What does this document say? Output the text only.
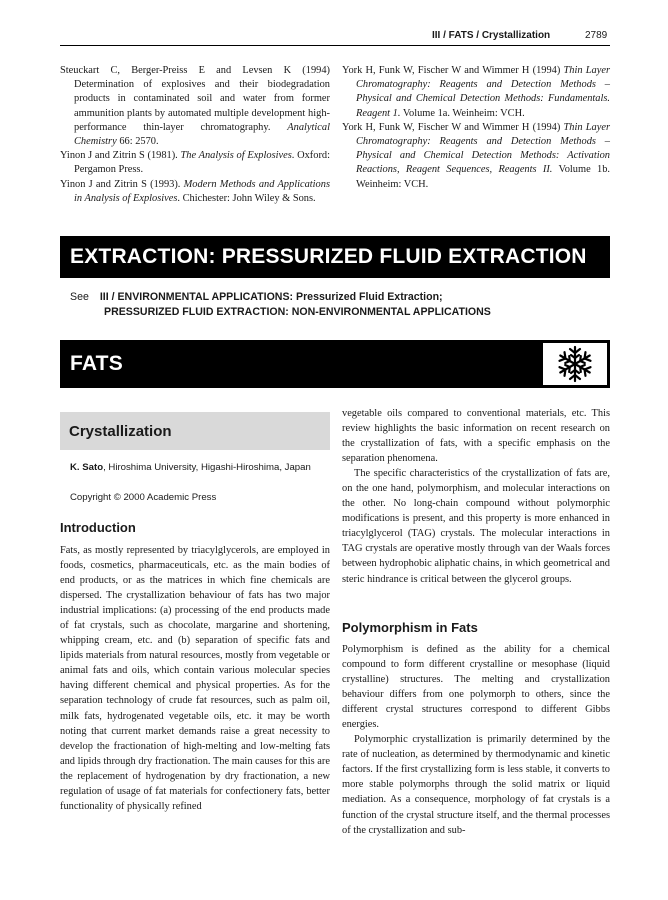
III / FATS / Crystallization	2789

Steuckart C, Berger-Preiss E and Levsen K (1994) Determination of explosives and their biodegradation products in contaminated soil and water from former ammunition plants by automated multiple development high-performance thin-layer chromatography. Analytical Chemistry 66: 2570.

Yinon J and Zitrin S (1981). The Analysis of Explosives. Oxford: Pergamon Press.

Yinon J and Zitrin S (1993). Modern Methods and Applications in Analysis of Explosives. Chichester: John Wiley & Sons.

York H, Funk W, Fischer W and Wimmer H (1994) Thin Layer Chromatography: Reagents and Detection Methods – Physical and Chemical Detection Methods: Fundamentals. Reagent 1. Volume 1a. Weinheim: VCH.

York H, Funk W, Fischer W and Wimmer H (1994) Thin Layer Chromatography: Reagents and Detection Methods – Physical and Chemical Detection Methods: Activation Reactions, Reagent Sequences, Reagents II. Volume 1b. Weinheim: VCH.

EXTRACTION: PRESSURIZED FLUID EXTRACTION
See III / ENVIRONMENTAL APPLICATIONS: Pressurized Fluid Extraction;
PRESSURIZED FLUID EXTRACTION: NON-ENVIRONMENTAL APPLICATIONS
FATS
Crystallization
K. Sato, Hiroshima University, Higashi-Hiroshima, Japan
Copyright © 2000 Academic Press
Introduction

Fats, as mostly represented by triacylglycerols, are employed in foods, cosmetics, pharmaceuticals, etc. as the main bodies of end products, or as the matrices in which fine chemicals are dispersed. The crystallization behaviour of fats has two major industrial implications: (a) processing of the end products made of fat crystals, such as chocolate, margarine and shortening, whipping cream, etc. and (b) separation of specific fats and lipids materials from natural resources, mostly from vegetable or animal fats and oils, which contain various molecular species having different chemical and physical properties. As for the separation technology of crude fat resources, such as palm oil, milk fats, hydrogenated vegetable oils, etc. it may be worth noting that current market demands raise a great necessity to develop the fractionation of high-melting and low-melting fats and lipids through dry fractionation. The main causes for this are the replacement of hydrogenation by dry fractionation, a new regulation of usage of fat materials for confectionery fats, better functionality of physically refined

vegetable oils compared to conventional materials, etc. This review highlights the basic information on recent research on the crystallization of fats, with a specific emphasis on the separation phenomena.

The specific characteristics of the crystallization of fats are, on the one hand, polymorphism, and molecular interactions on the other. No long-chain compound without polymorphic modifications is present, and this property is more enhanced in triacylglycerol (TAG) crystals. The molecular interactions in TAG crystals are operative mostly through van der Waals forces between hydrophobic aliphatic chains, in which geometrical and steric hindrance is critical between the glycerol groups.

Polymorphism in Fats

Polymorphism is defined as the ability for a chemical compound to form different crystalline or mesophase (liquid crystalline) structures. The melting and crystallization behaviour differs from one polymorph to others, since the different crystal structures correspond to different Gibbs energies.

Polymorphic crystallization is primarily determined by the rate of nucleation, as determined by thermodynamic and kinetic factors. If the first crystallizing form is less stable, it converts to more stable polymorphs through the solid matrix or liquid mediation. As a consequence, morphology of fat crystals is a function of the crystal structure itself, and the thermal processes of the crystallization and sub-
